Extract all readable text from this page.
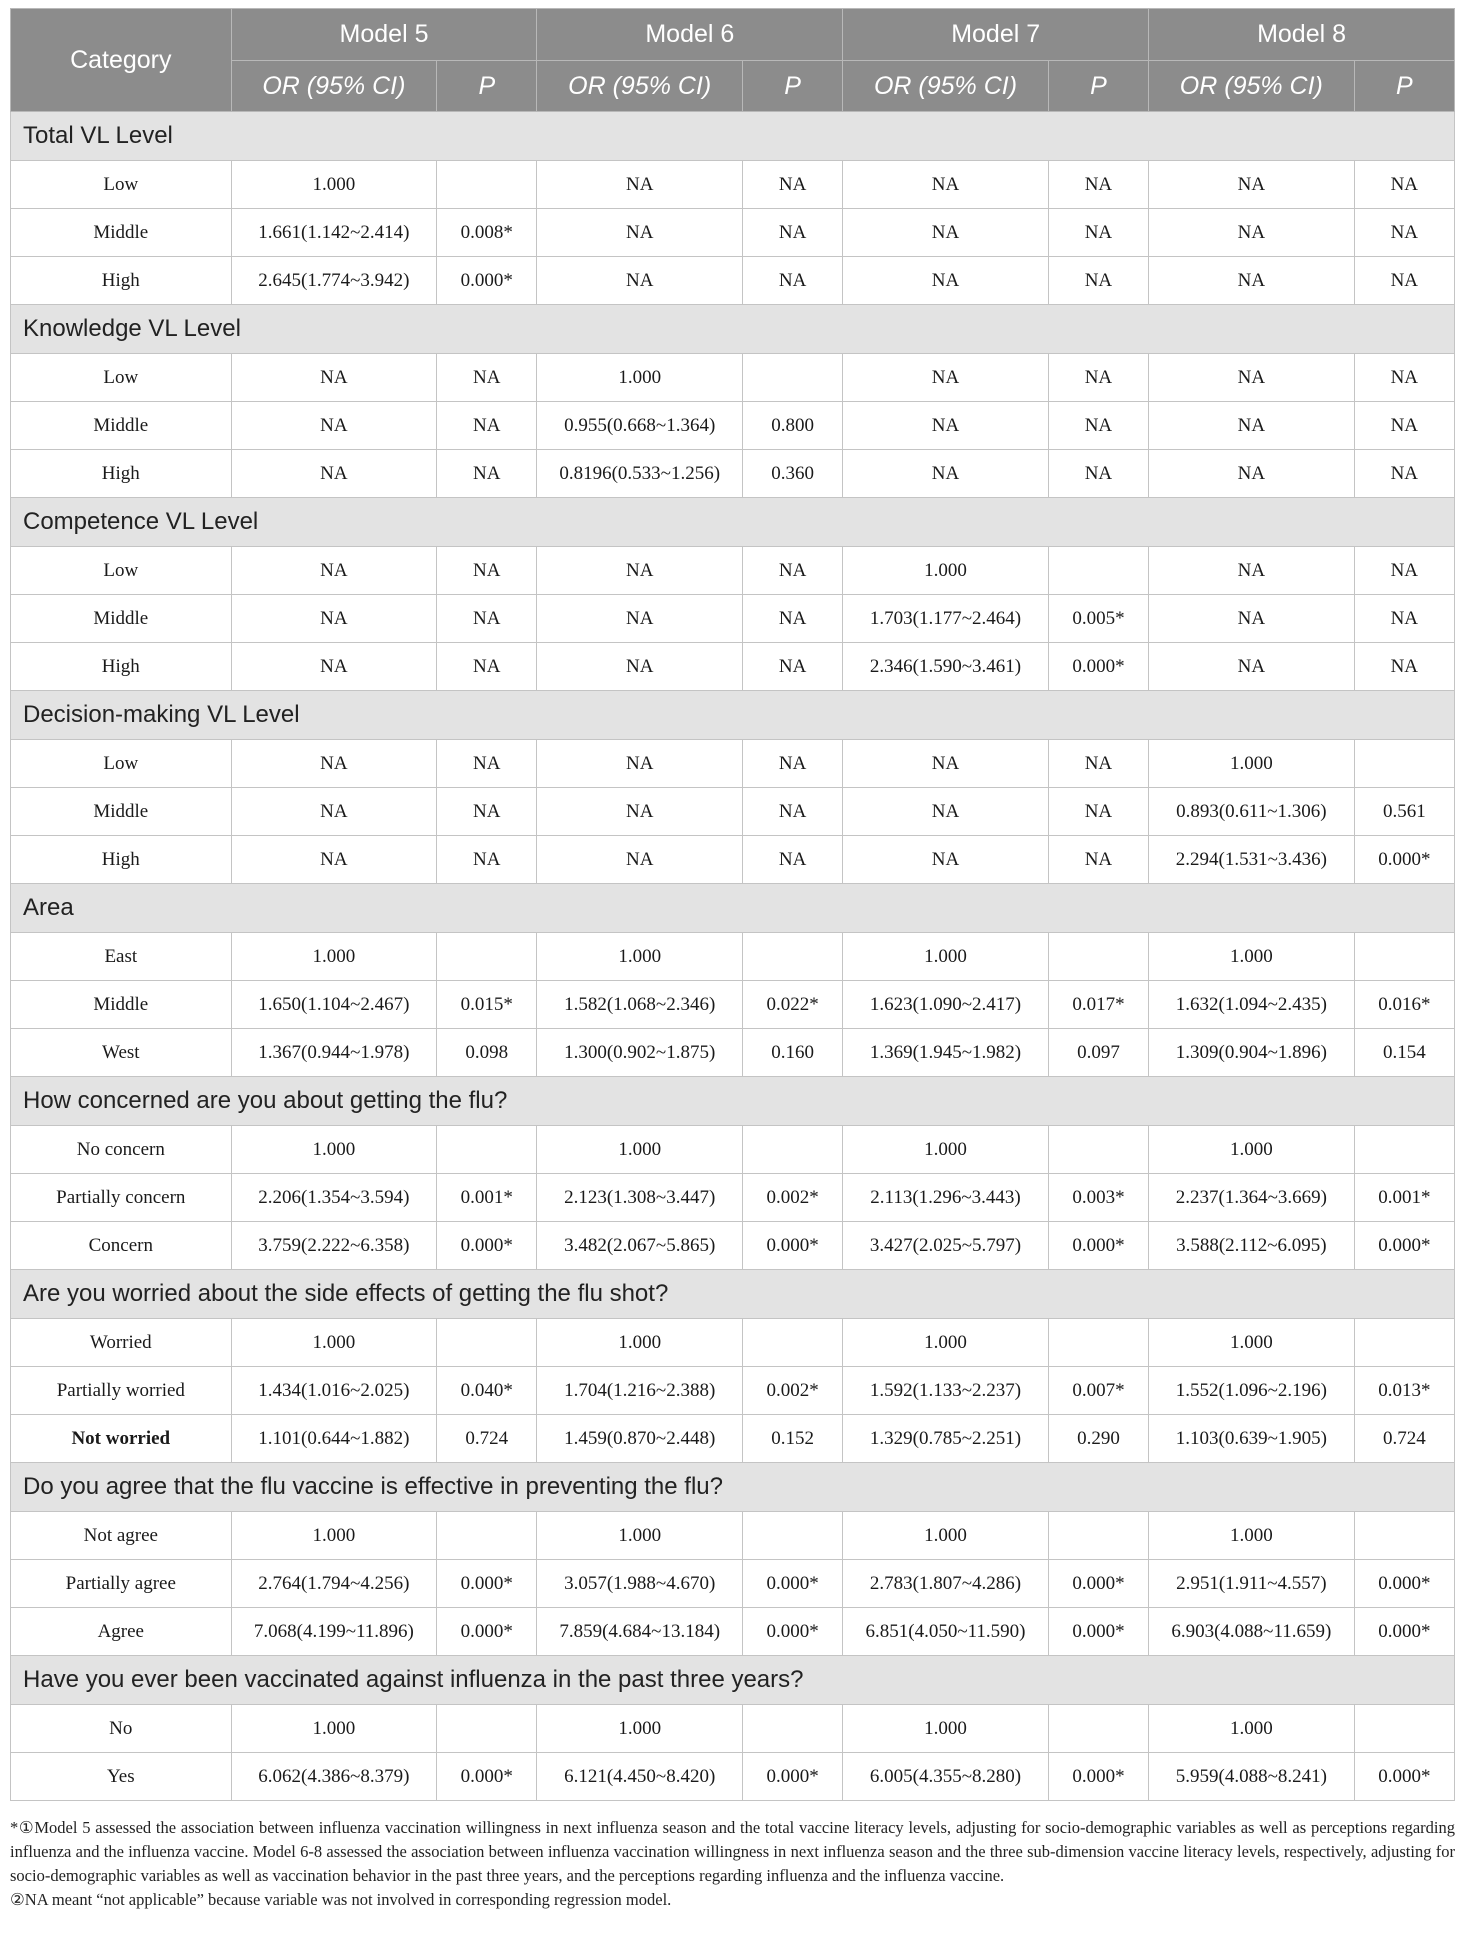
Category	Model 5		Model 6		Model 7		Model 8	
	OR (95% CI)	P	OR (95% CI)	P	OR (95% CI)	P	OR (95% CI)	P
Total VL Level								
Low	1.000		NA	NA	NA	NA	NA	NA
Middle	1.661(1.142~2.414)	0.008*	NA	NA	NA	NA	NA	NA
High	2.645(1.774~3.942)	0.000*	NA	NA	NA	NA	NA	NA
Knowledge VL Level								
Low	NA	NA	1.000		NA	NA	NA	NA
Middle	NA	NA	0.955(0.668~1.364)	0.800	NA	NA	NA	NA
High	NA	NA	0.8196(0.533~1.256)	0.360	NA	NA	NA	NA
Competence VL Level								
Low	NA	NA	NA	NA	1.000		NA	NA
Middle	NA	NA	NA	NA	1.703(1.177~2.464)	0.005*	NA	NA
High	NA	NA	NA	NA	2.346(1.590~3.461)	0.000*	NA	NA
Decision-making VL Level								
Low	NA	NA	NA	NA	NA	NA	1.000	
Middle	NA	NA	NA	NA	NA	NA	0.893(0.611~1.306)	0.561
High	NA	NA	NA	NA	NA	NA	2.294(1.531~3.436)	0.000*
Area								
East	1.000		1.000		1.000		1.000	
Middle	1.650(1.104~2.467)	0.015*	1.582(1.068~2.346)	0.022*	1.623(1.090~2.417)	0.017*	1.632(1.094~2.435)	0.016*
West	1.367(0.944~1.978)	0.098	1.300(0.902~1.875)	0.160	1.369(1.945~1.982)	0.097	1.309(0.904~1.896)	0.154
How concerned are you about getting the flu?								
No concern	1.000		1.000		1.000		1.000	
Partially concern	2.206(1.354~3.594)	0.001*	2.123(1.308~3.447)	0.002*	2.113(1.296~3.443)	0.003*	2.237(1.364~3.669)	0.001*
Concern	3.759(2.222~6.358)	0.000*	3.482(2.067~5.865)	0.000*	3.427(2.025~5.797)	0.000*	3.588(2.112~6.095)	0.000*
Are you worried about the side effects of getting the flu shot?								
Worried	1.000		1.000		1.000		1.000	
Partially worried	1.434(1.016~2.025)	0.040*	1.704(1.216~2.388)	0.002*	1.592(1.133~2.237)	0.007*	1.552(1.096~2.196)	0.013*
Not worried	1.101(0.644~1.882)	0.724	1.459(0.870~2.448)	0.152	1.329(0.785~2.251)	0.290	1.103(0.639~1.905)	0.724
Do you agree that the flu vaccine is effective in preventing the flu?								
Not agree	1.000		1.000		1.000		1.000	
Partially agree	2.764(1.794~4.256)	0.000*	3.057(1.988~4.670)	0.000*	2.783(1.807~4.286)	0.000*	2.951(1.911~4.557)	0.000*
Agree	7.068(4.199~11.896)	0.000*	7.859(4.684~13.184)	0.000*	6.851(4.050~11.590)	0.000*	6.903(4.088~11.659)	0.000*
Have you ever been vaccinated against influenza in the past three years?								
No	1.000		1.000		1.000		1.000	
Yes	6.062(4.386~8.379)	0.000*	6.121(4.450~8.420)	0.000*	6.005(4.355~8.280)	0.000*	5.959(4.088~8.241)	0.000*

*①Model 5 assessed the association between influenza vaccination willingness in next influenza season and the total vaccine literacy levels, adjusting for socio-demographic variables as well as perceptions regarding influenza and the influenza vaccine. Model 6-8 assessed the association between influenza vaccination willingness in next influenza season and the three sub-dimension vaccine literacy levels, respectively, adjusting for socio-demographic variables as well as vaccination behavior in the past three years, and the perceptions regarding influenza and the influenza vaccine.

②NA meant “not applicable” because variable was not involved in corresponding regression model.
